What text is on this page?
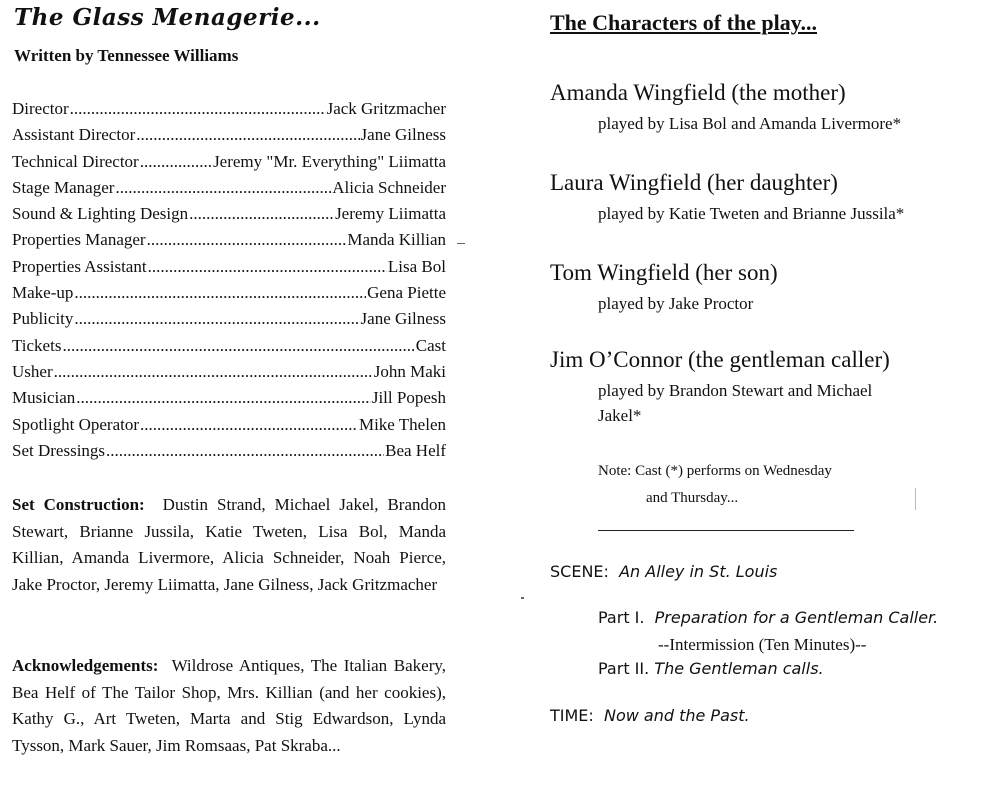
The Glass Menagerie...
Written by Tennessee Williams
Director .....	Jack Gritzmacher
Assistant Director .....	Jane Gilness
Technical Director .....	Jeremy "Mr. Everything" Liimatta
Stage Manager .....	Alicia Schneider
Sound & Lighting Design .....	Jeremy Liimatta
Properties Manager .....	Manda Killian
Properties Assistant .....	Lisa Bol
Make-up .....	Gena Piette
Publicity .....	Jane Gilness
Tickets .....	Cast
Usher .....	John Maki
Musician .....	Jill Popesh
Spotlight Operator .....	Mike Thelen
Set Dressings .....	Bea Helf
Set Construction: Dustin Strand, Michael Jakel, Brandon Stewart, Brianne Jussila, Katie Tweten, Lisa Bol, Manda Killian, Amanda Livermore, Alicia Schneider, Noah Pierce, Jake Proctor, Jeremy Liimatta, Jane Gilness, Jack Gritzmacher
Acknowledgements: Wildrose Antiques, The Italian Bakery, Bea Helf of The Tailor Shop, Mrs. Killian (and her cookies), Kathy G., Art Tweten, Marta and Stig Edwardson, Lynda Tysson, Mark Sauer, Jim Romsaas, Pat Skraba...
The Characters of the play...
Amanda Wingfield (the mother)
played by Lisa Bol and Amanda Livermore*
Laura Wingfield (her daughter)
played by Katie Tweten and Brianne Jussila*
Tom Wingfield (her son)
played by Jake Proctor
Jim O’Connor (the gentleman caller)
played by Brandon Stewart and Michael Jakel*
Note: Cast (*) performs on Wednesday
and Thursday...
SCENE: An Alley in St. Louis
Part I. Preparation for a Gentleman Caller.
--Intermission (Ten Minutes)--
Part II. The Gentleman calls.
TIME: Now and the Past.
